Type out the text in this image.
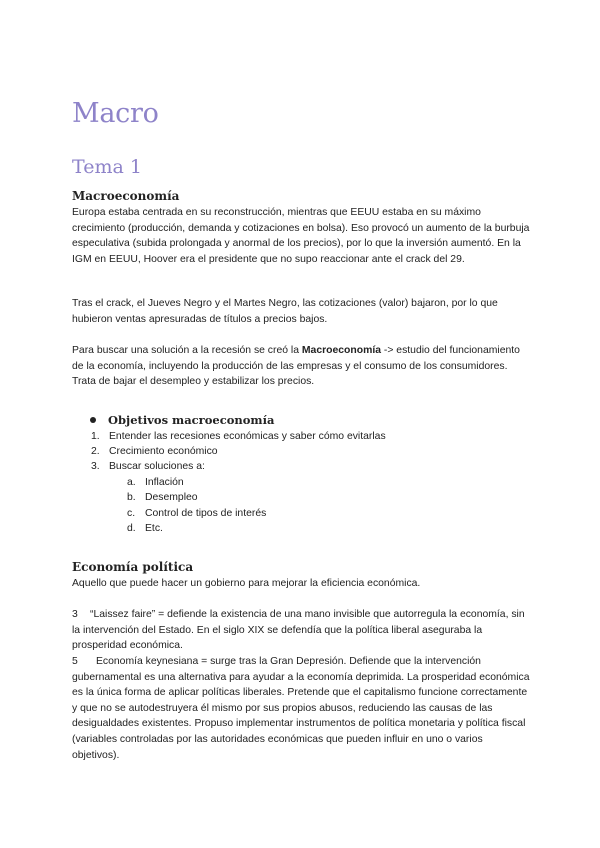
Macro
Tema 1
Macroeconomía

Europa estaba centrada en su reconstrucción, mientras que EEUU estaba en su máximo crecimiento (producción, demanda y cotizaciones en bolsa). Eso provocó un aumento de la burbuja especulativa (subida prolongada y anormal de los precios), por lo que la inversión aumentó. En la IGM en EEUU, Hoover era el presidente que no supo reaccionar ante el crack del 29.

Tras el crack, el Jueves Negro y el Martes Negro, las cotizaciones (valor) bajaron, por lo que hubieron ventas apresuradas de títulos a precios bajos.

Para buscar una solución a la recesión se creó la Macroeconomía -> estudio del funcionamiento de la economía, incluyendo la producción de las empresas y el consumo de los consumidores. Trata de bajar el desempleo y estabilizar los precios.

Objetivos macroeconomía
1. Entender las recesiones económicas y saber cómo evitarlas
2. Crecimiento económico
3. Buscar soluciones a:
a. Inflación
b. Desempleo
c. Control de tipos de interés
d. Etc.
Economía política

Aquello que puede hacer un gobierno para mejorar la eficiencia económica.

3 “Laissez faire” = defiende la existencia de una mano invisible que autorregula la economía, sin la intervención del Estado. En el siglo XIX se defendía que la política liberal aseguraba la prosperidad económica.

5 Economía keynesiana = surge tras la Gran Depresión. Defiende que la intervención gubernamental es una alternativa para ayudar a la economía deprimida. La prosperidad económica es la única forma de aplicar políticas liberales. Pretende que el capitalismo funcione correctamente y que no se autodestruyera él mismo por sus propios abusos, reduciendo las causas de las desigualdades existentes. Propuso implementar instrumentos de política monetaria y política fiscal (variables controladas por las autoridades económicas que pueden influir en uno o varios objetivos).
